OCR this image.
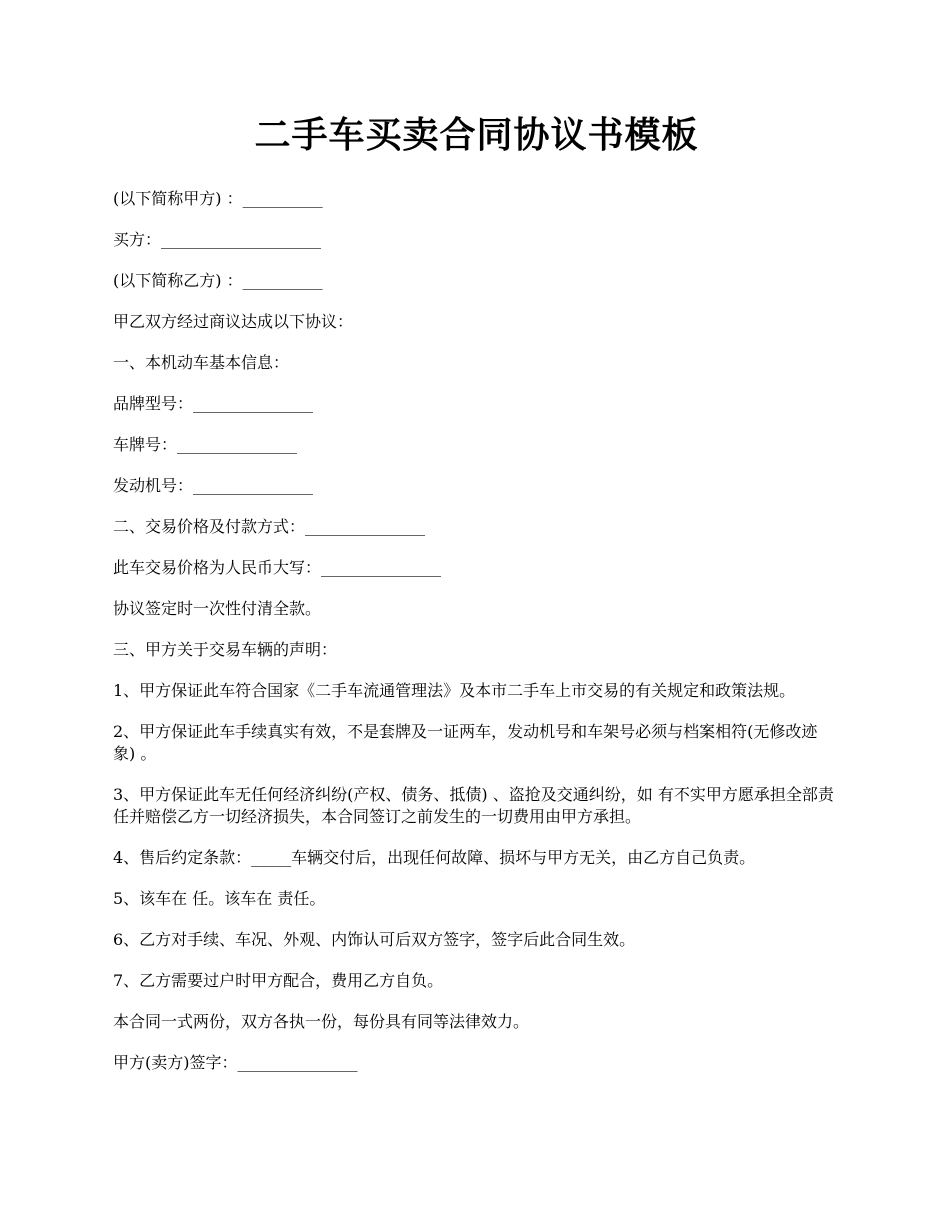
二手车买卖合同协议书模板
(以下简称甲方) ：__________
买方：____________________
(以下简称乙方) ：__________
甲乙双方经过商议达成以下协议：
一、本机动车基本信息：
品牌型号：_______________
车牌号：_______________
发动机号：_______________
二、交易价格及付款方式：_______________
此车交易价格为人民币大写：_______________
协议签定时一次性付清全款。
三、甲方关于交易车辆的声明：
1、甲方保证此车符合国家《二手车流通管理法》及本市二手车上市交易的有关规定和政策法规。
2、甲方保证此车手续真实有效，不是套牌及一证两车，发动机号和车架号必须与档案相符(无修改迹象) 。
3、甲方保证此车无任何经济纠纷(产权、债务、抵债) 、盗抢及交通纠纷，如 有不实甲方愿承担全部责任并赔偿乙方一切经济损失，本合同签订之前发生的一切费用由甲方承担。
4、售后约定条款：_____车辆交付后，出现任何故障、损坏与甲方无关，由乙方自己负责。
5、该车在 任。该车在 责任。
6、乙方对手续、车况、外观、内饰认可后双方签字，签字后此合同生效。
7、乙方需要过户时甲方配合，费用乙方自负。
本合同一式两份，双方各执一份，每份具有同等法律效力。
甲方(卖方)签字：_______________
